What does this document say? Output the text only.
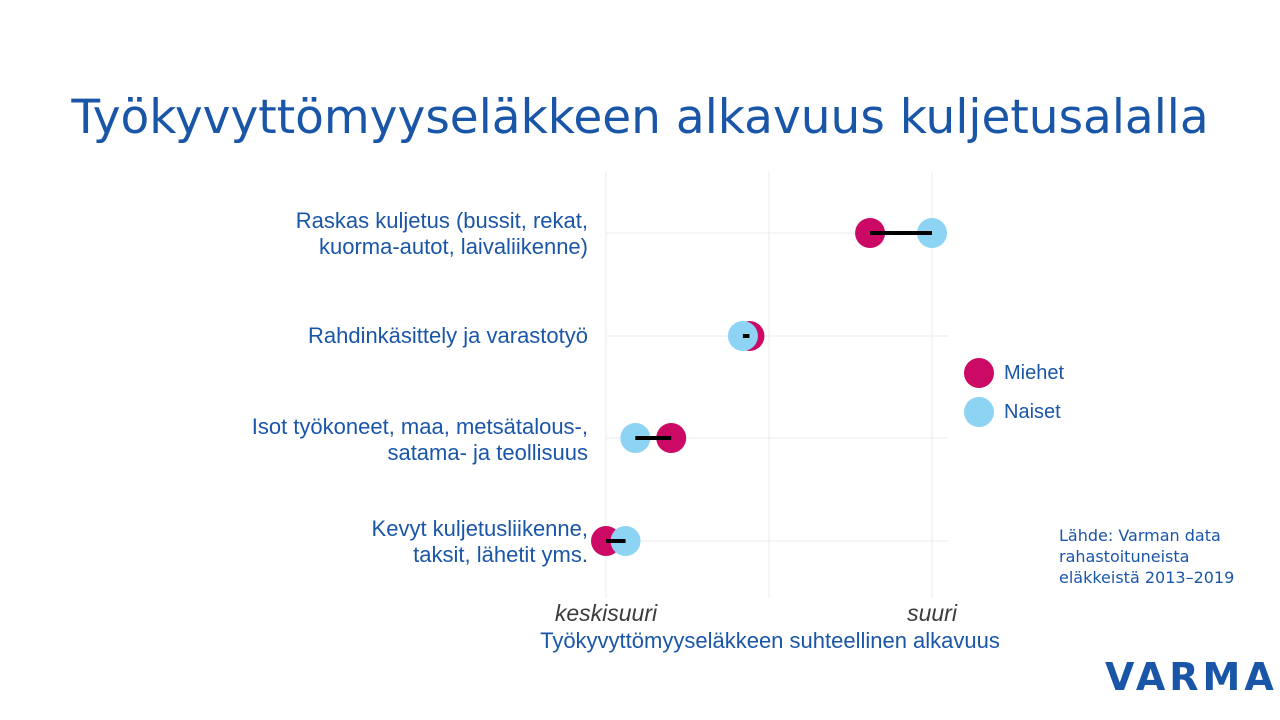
Työkyvyttömyyseläkkeen alkavuus kuljetusalalla
Raskas kuljetus (bussit, rekat,
kuorma-autot, laivaliikenne)
Rahdinkäsittely ja varastotyö
Isot työkoneet, maa, metsätalous-,
satama- ja teollisuus
Kevyt kuljetusliikenne,
taksit, lähetit yms.
keskisuuri	suuri
Työkyvyttömyyseläkkeen suhteellinen alkavuus
Miehet
Naiset
Lähde: Varman data rahastoituneista eläkkeistä 2013–2019
VARMA
